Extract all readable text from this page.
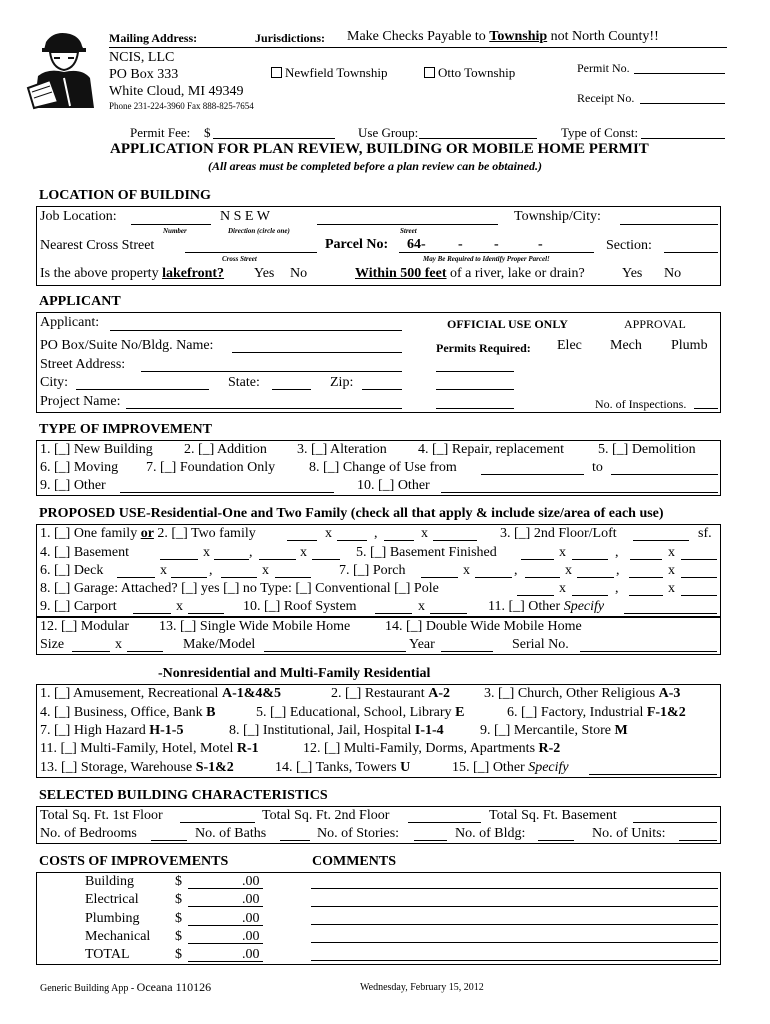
Mailing Address:	Jurisdictions: Make Checks Payable to Township not North County!!
NCIS, LLC
PO Box 333
White Cloud, MI 49349
Phone 231-224-3960 Fax 888-825-7654
Newfield Township	Otto Township	Permit No.
Receipt No.
Permit Fee: $	Use Group:	Type of Const:
APPLICATION FOR PLAN REVIEW, BUILDING OR MOBILE HOME PERMIT
(All areas must be completed before a plan review can be obtained.)
LOCATION OF BUILDING
Job Location:	N S E W	Township/City:
Number	Direction (circle one)	Street
Nearest Cross Street	Parcel No: 64- - -	-	Section:
Cross Street	May Be Required to Identify Proper Parcel!
Is the above property lakefront? Yes No	Within 500 feet of a river, lake or drain?	Yes No
APPLICANT
Applicant:	OFFICIAL USE ONLY	APPROVAL
PO Box/Suite No/Bldg. Name:	Permits Required: Elec Mech Plumb
Street Address:
City:	State:	Zip:
Project Name:	No. of Inspections.
TYPE OF IMPROVEMENT
1. [_] New Building 2. [_] Addition 3. [_] Alteration 4. [_] Repair, replacement 5. [_] Demolition
6. [_] Moving 7. [_] Foundation Only 8. [_] Change of Use from	to
9. [_] Other	10. [_] Other
PROPOSED USE-Residential-One and Two Family (check all that apply & include size/area of each use)
1. [_] One family or 2. [_] Two family	x	,	x	3. [_] 2nd Floor/Loft	sf.
4. [_] Basement	x	,	x	5. [_] Basement Finished	x	,	x
6. [_] Deck	x	,	x	7. [_] Porch	x	,	x	,	x
8. [_] Garage: Attached? [_] yes [_] no Type: [_] Conventional [_] Pole	x	,	x
9. [_] Carport	x	10. [_] Roof System	x	11. [_] Other Specify
12. [_] Modular 13. [_] Single Wide Mobile Home 14. [_] Double Wide Mobile Home
Size	x	Make/Model	Year	Serial No.
-Nonresidential and Multi-Family Residential
1. [_] Amusement, Recreational A-1&4&5	2. [_] Restaurant A-2 3. [_] Church, Other Religious A-3
4. [_] Business, Office, Bank B	5. [_] Educational, School, Library E	6. [_] Factory, Industrial F-1&2
7. [_] High Hazard H-1-5	8. [_] Institutional, Jail, Hospital I-1-4	9. [_] Mercantile, Store M
11. [_] Multi-Family, Hotel, Motel R-1	12. [_] Multi-Family, Dorms, Apartments R-2
13. [_] Storage, Warehouse S-1&2	14. [_] Tanks, Towers U	15. [_] Other Specify
SELECTED BUILDING CHARACTERISTICS
Total Sq. Ft. 1st Floor	Total Sq. Ft. 2nd Floor	Total Sq. Ft. Basement
No. of Bedrooms	No. of Baths	No. of Stories:	No. of Bldg:	No. of Units:
COSTS OF IMPROVEMENTS	COMMENTS
Building	$	.00
Electrical	$	.00
Plumbing	$	.00
Mechanical $	.00
TOTAL	$	.00
Generic Building App - Oceana 110126	Wednesday, February 15, 2012
